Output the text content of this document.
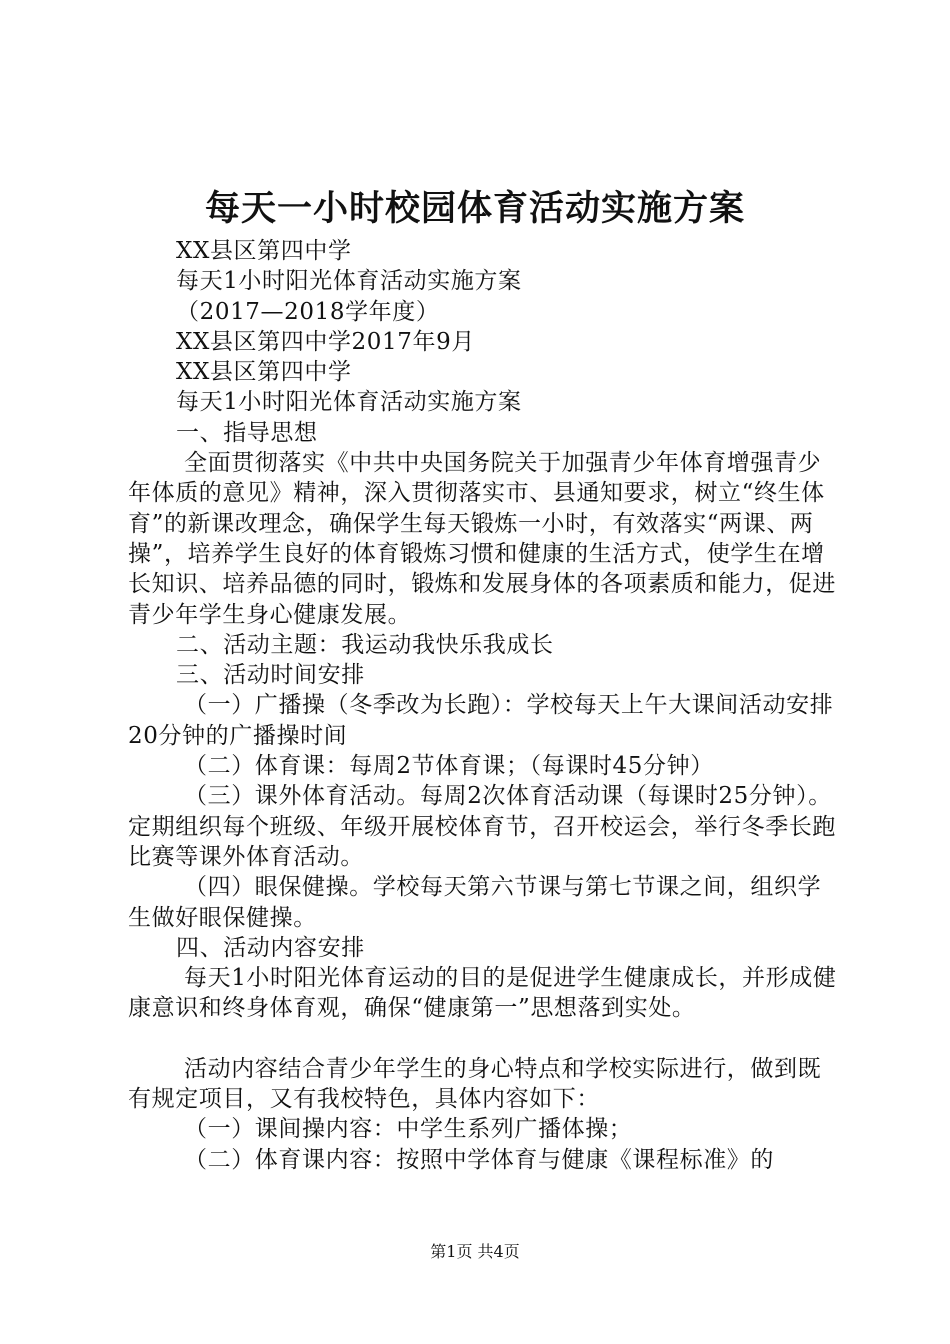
每天一小时校园体育活动实施方案

XX县区第四中学

每天1小时阳光体育活动实施方案

（2017—2018学年度）

XX县区第四中学2017年9月

XX县区第四中学

每天1小时阳光体育活动实施方案

一、指导思想

全面贯彻落实《中共中央国务院关于加强青少年体育增强青少年体质的意见》精神，深入贯彻落实市、县通知要求，树立“终生体育”的新课改理念，确保学生每天锻炼一小时，有效落实“两课、两操”，培养学生良好的体育锻炼习惯和健康的生活方式，使学生在增长知识、培养品德的同时，锻炼和发展身体的各项素质和能力，促进青少年学生身心健康发展。

二、活动主题：我运动我快乐我成长

三、活动时间安排

（一）广播操（冬季改为长跑）：学校每天上午大课间活动安排20分钟的广播操时间

（二）体育课：每周2节体育课；（每课时45分钟）

（三）课外体育活动。每周2次体育活动课（每课时25分钟）。定期组织每个班级、年级开展校体育节，召开校运会，举行冬季长跑比赛等课外体育活动。

（四）眼保健操。学校每天第六节课与第七节课之间，组织学生做好眼保健操。

四、活动内容安排

每天1小时阳光体育运动的目的是促进学生健康成长，并形成健康意识和终身体育观，确保“健康第一”思想落到实处。

活动内容结合青少年学生的身心特点和学校实际进行，做到既有规定项目，又有我校特色，具体内容如下：

（一）课间操内容：中学生系列广播体操；

（二）体育课内容：按照中学体育与健康《课程标准》的

第1页 共4页
